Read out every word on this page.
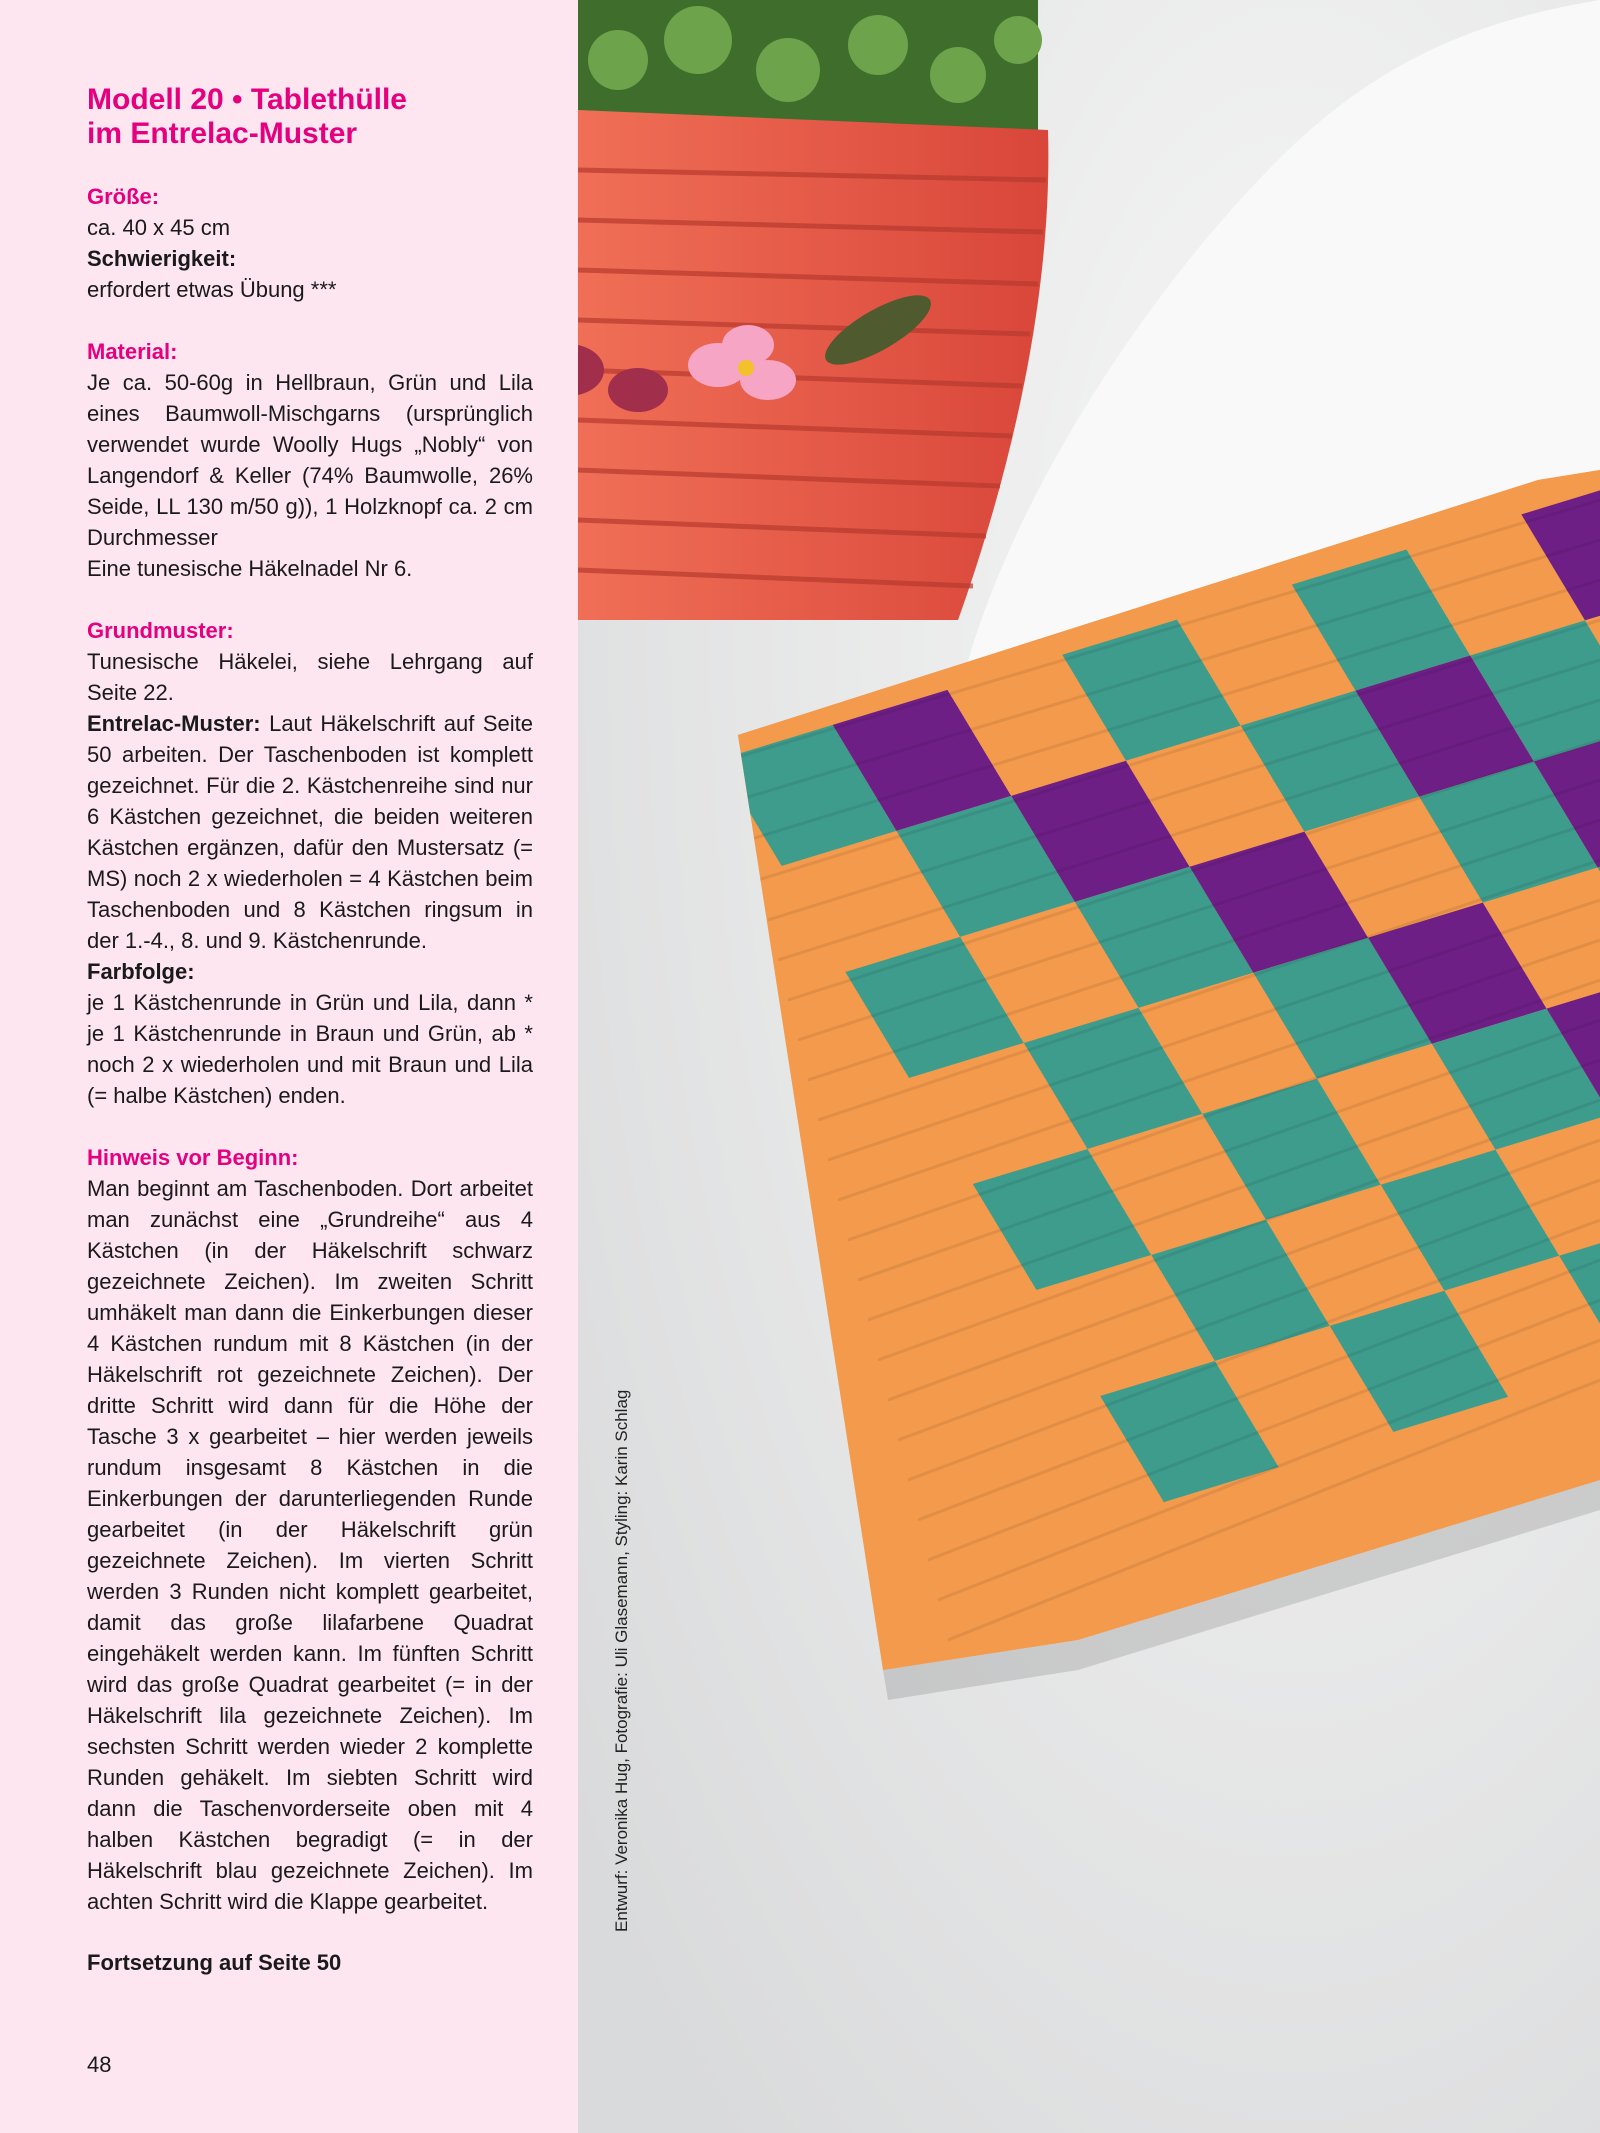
Modell 20 • Tablethülle
im Entrelac-Muster
Größe:
ca. 40 x 45 cm
Schwierigkeit:
erfordert etwas Übung ***
Material:

Je ca. 50-60g in Hellbraun, Grün und Lila eines Baumwoll-Mischgarns (ursprünglich verwendet wurde Woolly Hugs „Nobly“ von Langendorf & Keller (74% Baumwolle, 26% Seide, LL 130 m/50 g)), 1 Holzknopf ca. 2 cm Durchmesser

Eine tunesische Häkelnadel Nr 6.

Grundmuster:

Tunesische Häkelei, siehe Lehrgang auf Seite 22.

Entrelac-Muster: Laut Häkelschrift auf Seite 50 arbeiten. Der Taschenboden ist komplett gezeichnet. Für die 2. Kästchenreihe sind nur 6 Kästchen gezeichnet, die beiden weiteren Kästchen ergänzen, dafür den Mustersatz (= MS) noch 2 x wiederholen = 4 Kästchen beim Taschenboden und 8 Kästchen ringsum in der 1.-4., 8. und 9. Kästchenrunde.

Farbfolge:

je 1 Kästchenrunde in Grün und Lila, dann * je 1 Kästchenrunde in Braun und Grün, ab * noch 2 x wiederholen und mit Braun und Lila (= halbe Kästchen) enden.

Hinweis vor Beginn:

Man beginnt am Taschenboden. Dort arbeitet man zunächst eine „Grundreihe“ aus 4 Kästchen (in der Häkelschrift schwarz gezeichnete Zeichen). Im zweiten Schritt umhäkelt man dann die Einkerbungen dieser 4 Kästchen rundum mit 8 Kästchen (in der Häkelschrift rot gezeichnete Zeichen). Der dritte Schritt wird dann für die Höhe der Tasche 3 x gearbeitet – hier werden jeweils rundum insgesamt 8 Kästchen in die Einkerbungen der darunterliegenden Runde gearbeitet (in der Häkelschrift grün gezeichnete Zeichen). Im vierten Schritt werden 3 Runden nicht komplett gearbeitet, damit das große lilafarbene Quadrat eingehäkelt werden kann. Im fünften Schritt wird das große Quadrat gearbeitet (= in der Häkelschrift lila gezeichnete Zeichen). Im sechsten Schritt werden wieder 2 komplette Runden gehäkelt. Im siebten Schritt wird dann die Taschenvorderseite oben mit 4 halben Kästchen begradigt (= in der Häkelschrift blau gezeichnete Zeichen). Im achten Schritt wird die Klappe gearbeitet.

Fortsetzung auf Seite 50
48
Entwurf: Veronika Hug, Fotografie: Uli Glasemann, Styling: Karin Schlag
